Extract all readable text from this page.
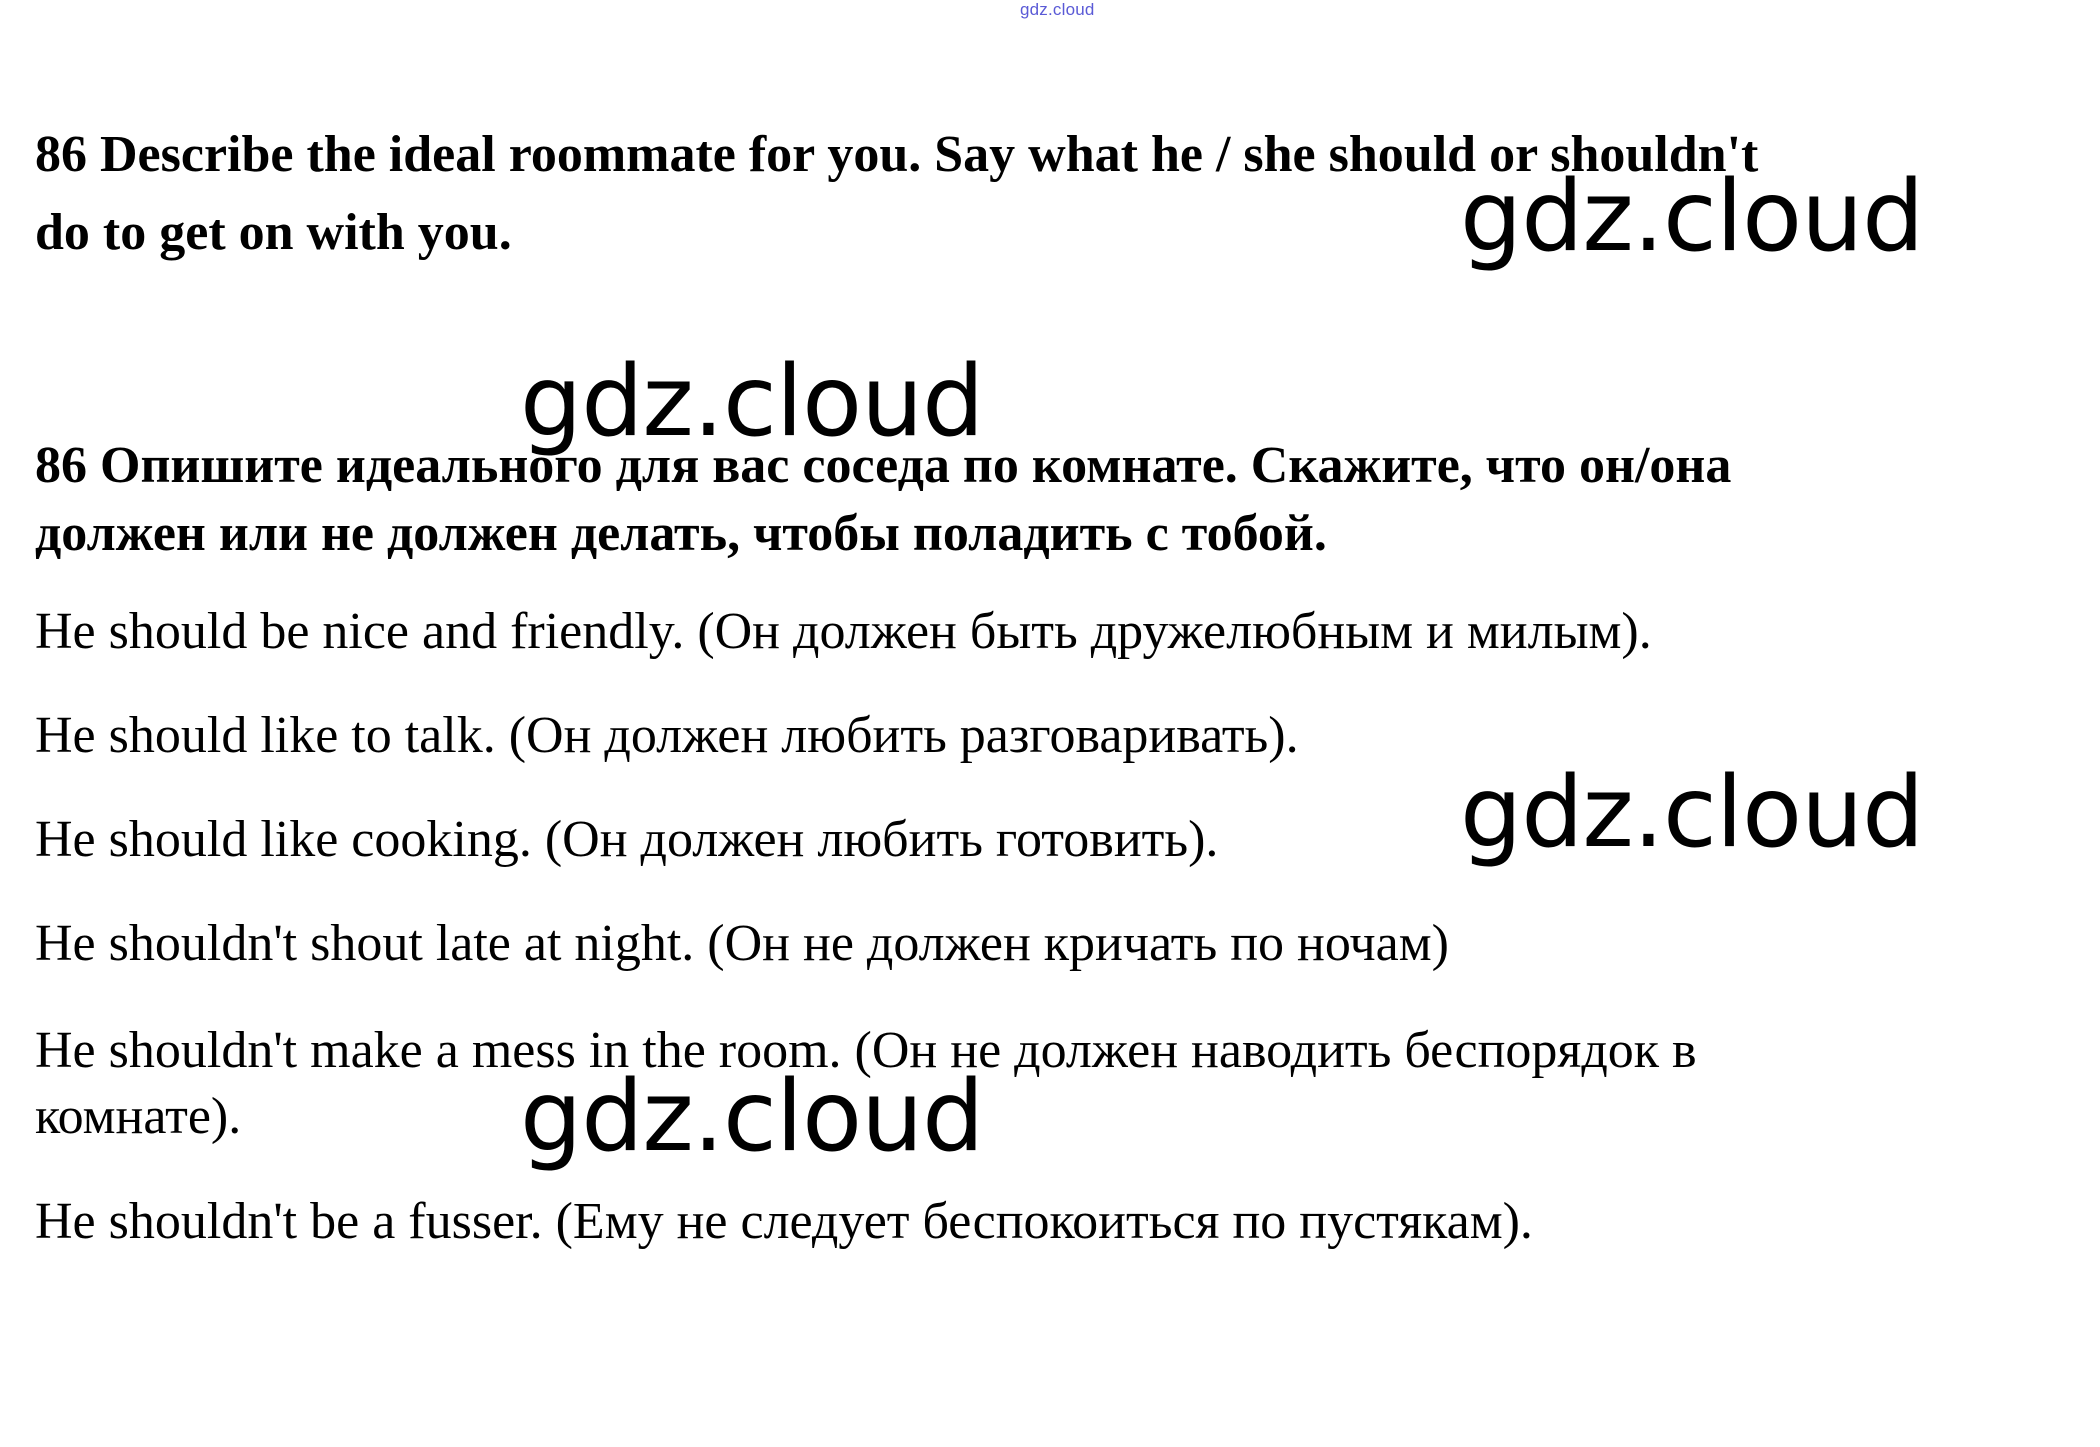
gdz.cloud
86 Describe the ideal roommate for you. Say what he / she should or shouldn't
do to get on with you.
86 Опишите идеального для вас соседа по комнате. Скажите, что он/она
должен или не должен делать, чтобы поладить с тобой.
He should be nice and friendly. (Он должен быть дружелюбным и милым).
He should like to talk. (Он должен любить разговаривать).
He should like cooking. (Он должен любить готовить).
He shouldn't shout late at night. (Он не должен кричать по ночам)
He shouldn't make a mess in the room. (Он не должен наводить беспорядок в
комнате).
He shouldn't be a fusser. (Ему не следует беспокоиться по пустякам).
gdz.cloud
gdz.cloud
gdz.cloud
gdz.cloud
